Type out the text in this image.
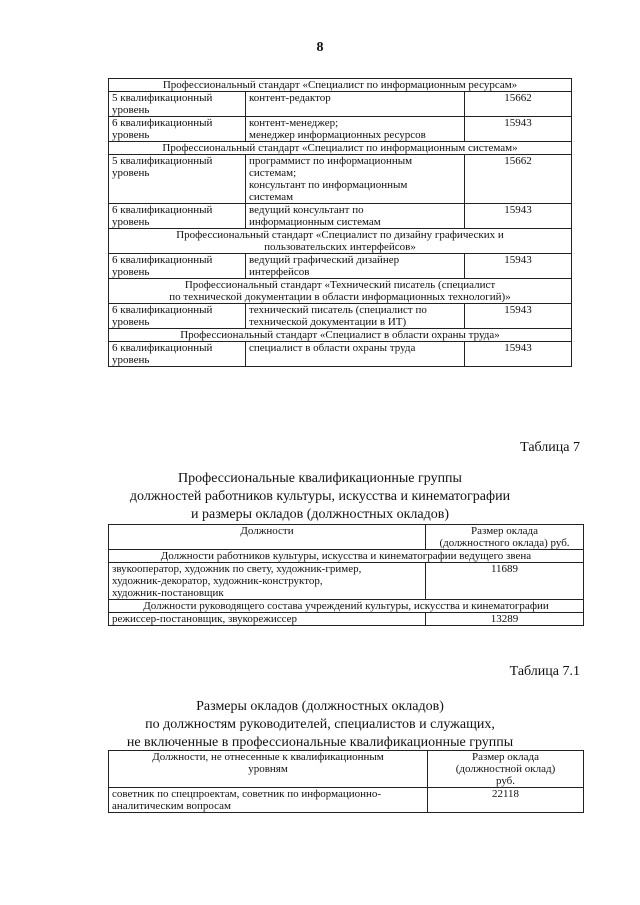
8
Профессиональный стандарт «Специалист по информационным ресурсам»		
5 квалификационный
уровень	контент-редактор	15662
6 квалификационный
уровень	контент-менеджер;
менеджер информационных ресурсов	15943
Профессиональный стандарт «Специалист по информационным системам»		
5 квалификационный
уровень	программист по информационным
системам;
консультант по информационным
системам	15662
6 квалификационный
уровень	ведущий консультант по
информационным системам	15943
Профессиональный стандарт «Специалист по дизайну графических и
пользовательских интерфейсов»		
6 квалификационный
уровень	ведущий графический дизайнер
интерфейсов	15943
Профессиональный стандарт «Технический писатель (специалист
по технической документации в области информационных технологий)»		
6 квалификационный
уровень	технический писатель (специалист по
технической документации в ИТ)	15943
Профессиональный стандарт «Специалист в области охраны труда»		
6 квалификационный
уровень	специалист в области охраны труда	15943
Таблица 7
Профессиональные квалификационные группы
должностей работников культуры, искусства и кинематографии
и размеры окладов (должностных окладов)
Должности	Размер оклада
(должностного оклада) руб.
Должности работников культуры, искусства и кинематографии ведущего звена	
звукооператор, художник по свету, художник-гример,
художник-декоратор, художник-конструктор,
художник-постановщик	11689
Должности руководящего состава учреждений культуры, искусства и кинематографии	
режиссер-постановщик, звукорежиссер	13289
Таблица 7.1
Размеры окладов (должностных окладов)
по должностям руководителей, специалистов и служащих,
не включенные в профессиональные квалификационные группы
Должности, не отнесенные к квалификационным
уровням	Размер оклада
(должностной оклад)
руб.
советник по спецпроектам, советник по информационно-
аналитическим вопросам	22118
